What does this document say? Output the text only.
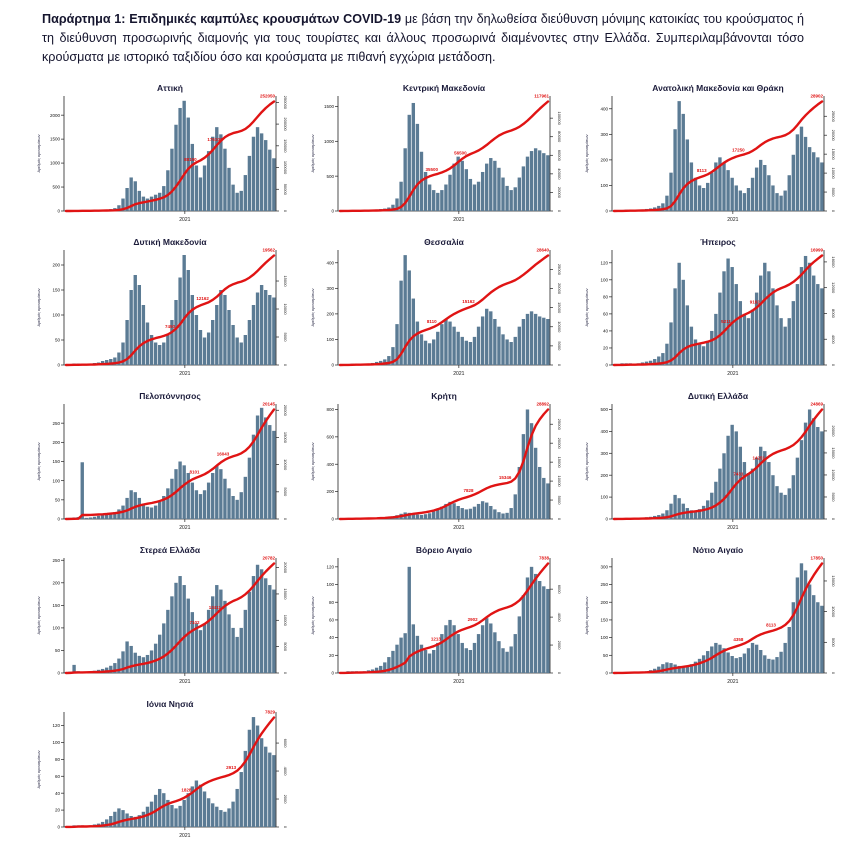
Παράρτημα 1: Επιδημικές καμπύλες κρουσμάτων COVID-19 με βάση την δηλωθείσα διεύθυνση μόνιμης κατοικίας του κρούσματος ή τη διεύθυνση προσωρινής διαμονής για τους τουρίστες και άλλους προσωρινά διαμένοντες στην Ελλάδα. Συμπεριλαμβάνονται τόσο κρούσματα με ιστορικό ταξιδίου όσο και κρούσματα με πιθανή εγχώρια μετάδοση.

Αττική
Αριθμός κρουσμάτων
0
500
1000
1500
2000
0
50000
100000
150000
200000
250000
2021
88150
176101
252050
Κεντρική Μακεδονία
Αριθμός κρουσμάτων
0
500
1000
1500
0
20000
40000
60000
80000
100000
2021
35500
56500
117961
Ανατολική Μακεδονία και Θράκη
Αριθμός κρουσμάτων
0
100
200
300
400
0
5000
10000
15000
20000
25000
2021
8113
17250
28902
Δυτική Μακεδονία
Αριθμός κρουσμάτων
0
50
100
150
200
0
5000
10000
15000
2021
7450
12162
19562
Θεσσαλία
Αριθμός κρουσμάτων
0
100
200
300
400
0
5000
10000
15000
20000
25000
2021
8110
15162
28640
Ήπειρος
Αριθμός κρουσμάτων
0
20
40
60
80
100
120
0
4000
8000
12000
16000
2021
5211
9162
16999
Πελοπόννησος
Αριθμός κρουσμάτων
0
50
100
150
200
250
0
5000
10000
15000
20000
2021
8101
16043
20145
Κρήτη
Αριθμός κρουσμάτων
0
200
400
600
800
0
5000
10000
15000
20000
25000
2021
7828
15346
28892
Δυτική Ελλάδα
Αριθμός κρουσμάτων
0
100
200
300
400
500
0
5000
10000
15000
20000
2021
7431
14251
24869
Στερεά Ελλάδα
Αριθμός κρουσμάτων
0
50
100
150
200
250
0
5000
10000
15000
20000
2021
7102
13411
20782
Βόρειο Αιγαίο
Αριθμός κρουσμάτων
0
20
40
60
80
100
120
0
2000
4000
6000
2021
1213
2902
7838
Νότιο Αιγαίο
Αριθμός κρουσμάτων
0
50
100
150
200
250
300
0
5000
10000
15000
2021
4358
8113
17850
Ιόνια Νησιά
Αριθμός κρουσμάτων
0
20
40
60
80
100
120
0
2000
4000
6000
2021
1828
2913
7829
